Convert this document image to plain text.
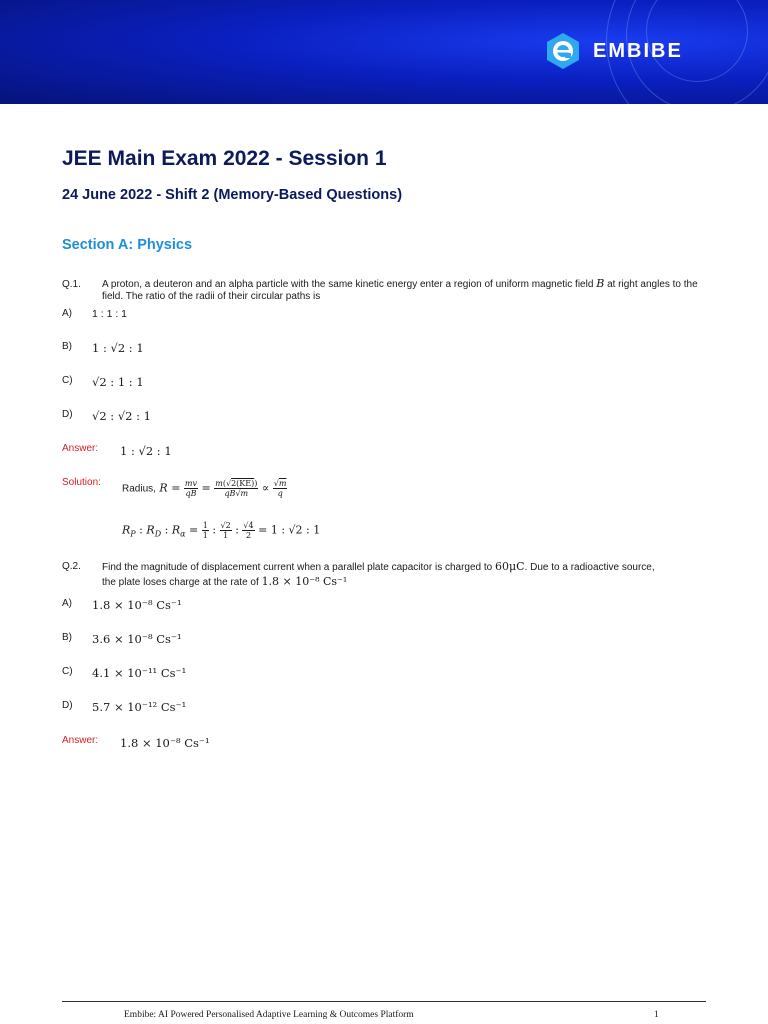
EMBIBE
JEE Main Exam 2022 - Session 1
24 June 2022 - Shift 2 (Memory-Based Questions)
Section A: Physics
Q.1. A proton, a deuteron and an alpha particle with the same kinetic energy enter a region of uniform magnetic field B at right angles to the field. The ratio of the radii of their circular paths is
A) 1 : 1 : 1
B) 1 : √2 : 1
C) √2 : 1 : 1
D) √2 : √2 : 1
Answer: 1 : √2 : 1
Solution:
Radius, $R = \frac{mv}{qB} = \frac{m(√2(KE))}{qB√m} \propto \frac{√m}{q}$
$R_P$ : $R_D$ : $R_\alpha = \frac{1}{1}$ : $\frac{√2}{1}$ : $\frac{√4}{2} = 1$ : √2 : 1
Q.2. Find the magnitude of displacement current when a parallel plate capacitor is charged to 60μC. Due to a radioactive source,
the plate loses charge at the rate of 1.8 × 10⁻⁸ Cs⁻¹
A) 1.8 × 10⁻⁸ Cs⁻¹
B) 3.6 × 10⁻⁸ Cs⁻¹
C) 4.1 × 10⁻¹¹ Cs⁻¹
D) 5.7 × 10⁻¹² Cs⁻¹
Answer: 1.8 × 10⁻⁸ Cs⁻¹
Embibe: AI Powered Personalised Adaptive Learning & Outcomes Platform	1
